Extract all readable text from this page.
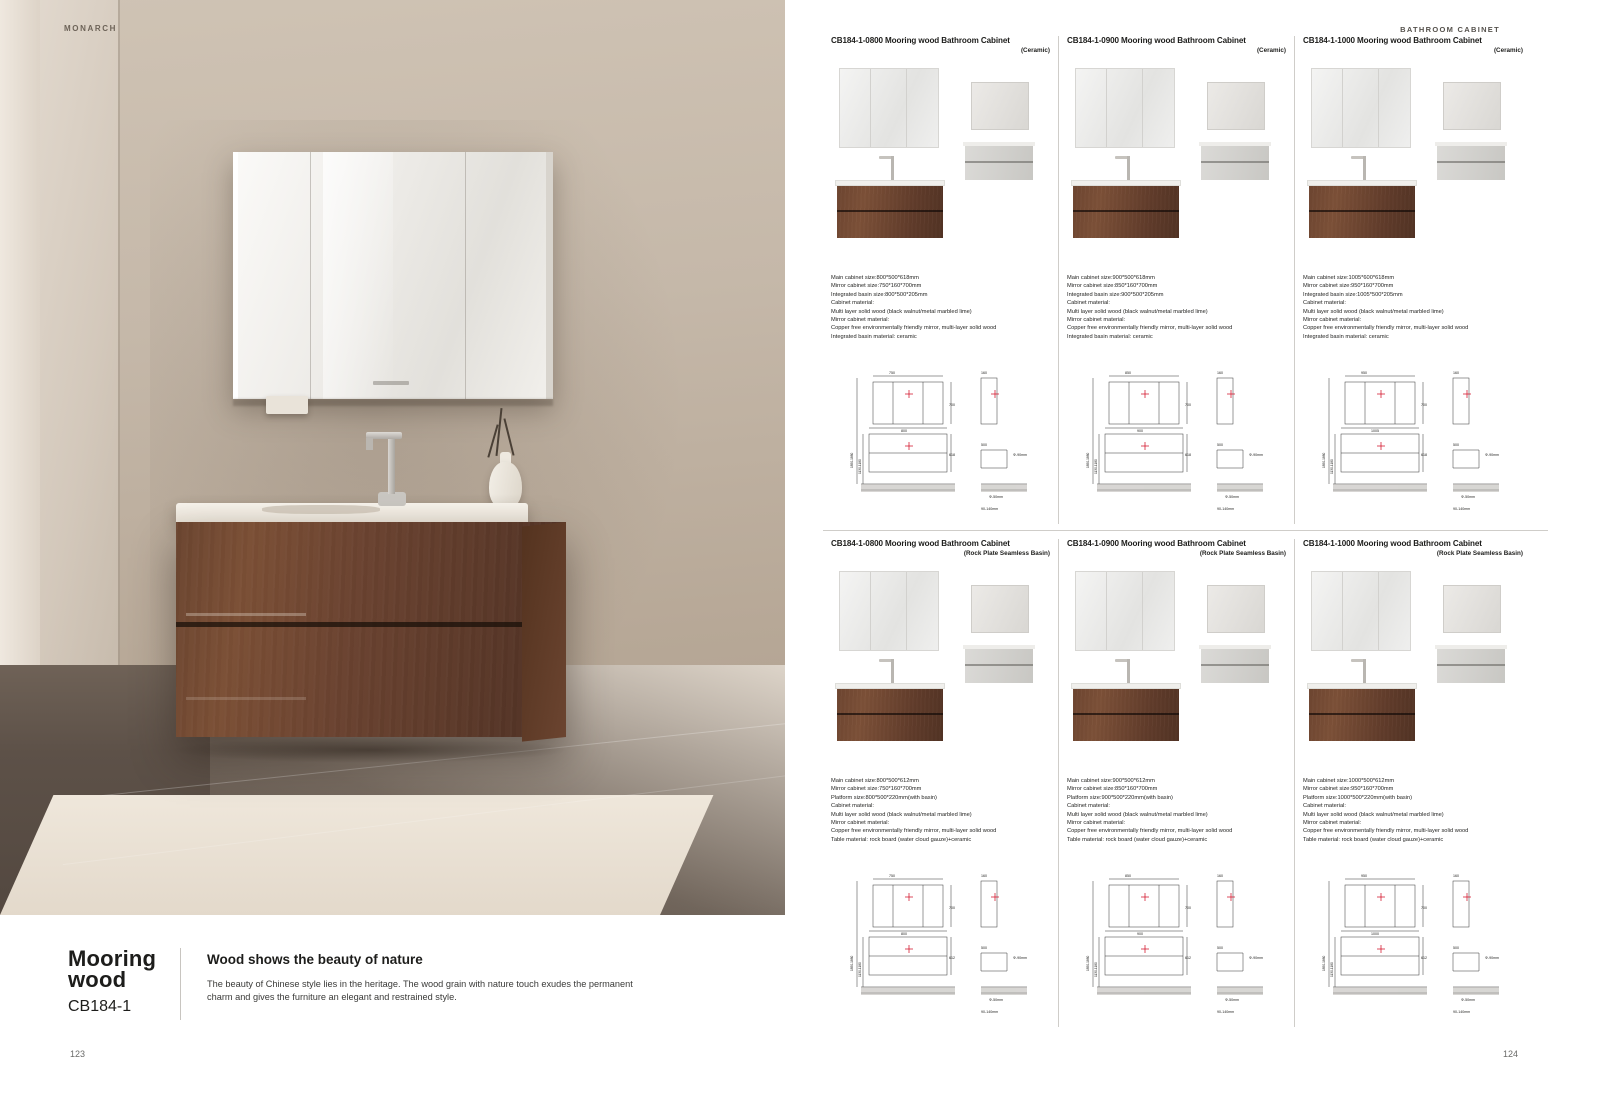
MONARCH
Mooring
wood
CB184-1
Wood shows the beauty of nature
The beauty of Chinese style lies in the heritage. The wood grain with nature touch exudes the permanent charm and gives the furniture an elegant and restrained style.
123
BATHROOM CABINET
CB184-1-0800 Mooring wood Bathroom Cabinet
(Ceramic)
Main cabinet size:800*500*618mm
Mirror cabinet size:750*160*700mm
Integrated basin size:800*500*205mm
Cabinet material:
Multi layer solid wood (black walnut/metal marbled lime)
Mirror cabinet material:
Copper free environmentally friendly mirror, multi-layer solid wood
Integrated basin material: ceramic
750	160
800
500
700
618	Φ-90mm
Φ-50mm
90-140mm
1850-1880 1130-1180
CB184-1-0900 Mooring wood Bathroom Cabinet
(Ceramic)
Main cabinet size:900*500*618mm
Mirror cabinet size:850*160*700mm
Integrated basin size:900*500*205mm
Cabinet material:
Multi layer solid wood (black walnut/metal marbled lime)
Mirror cabinet material:
Copper free environmentally friendly mirror, multi-layer solid wood
Integrated basin material: ceramic
850	160
900
500
700
618	Φ-90mm
Φ-50mm
90-140mm
1850-1880 1130-1180
CB184-1-1000 Mooring wood Bathroom Cabinet
(Ceramic)
Main cabinet size:1005*600*618mm
Mirror cabinet size:950*160*700mm
Integrated basin size:1005*500*205mm
Cabinet material:
Multi layer solid wood (black walnut/metal marbled lime)
Mirror cabinet material:
Copper free environmentally friendly mirror, multi-layer solid wood
Integrated basin material: ceramic
950	160
1005
500
700
618	Φ-90mm
Φ-50mm
90-140mm
1850-1880 1130-1180
CB184-1-0800 Mooring wood Bathroom Cabinet
(Rock Plate Seamless Basin)
Main cabinet size:800*500*612mm
Mirror cabinet size:750*160*700mm
Platform size:800*500*220mm(with basin)
Cabinet material:
Multi layer solid wood (black walnut/metal marbled lime)
Mirror cabinet material:
Copper free environmentally friendly mirror, multi-layer solid wood
Table material: rock board (water cloud gauze)+ceramic
750	160
800
500
700
612	Φ-90mm
Φ-50mm
90-140mm
1850-1880 1130-1180
CB184-1-0900 Mooring wood Bathroom Cabinet
(Rock Plate Seamless Basin)
Main cabinet size:900*500*612mm
Mirror cabinet size:850*160*700mm
Platform size:900*500*220mm(with basin)
Cabinet material:
Multi layer solid wood (black walnut/metal marbled lime)
Mirror cabinet material:
Copper free environmentally friendly mirror, multi-layer solid wood
Table material: rock board (water cloud gauze)+ceramic
850	160
900
500
700
612	Φ-90mm
Φ-50mm
90-140mm
1850-1880 1130-1180
CB184-1-1000 Mooring wood Bathroom Cabinet
(Rock Plate Seamless Basin)
Main cabinet size:1000*500*612mm
Mirror cabinet size:950*160*700mm
Platform size:1000*500*220mm(with basin)
Cabinet material:
Multi layer solid wood (black walnut/metal marbled lime)
Mirror cabinet material:
Copper free environmentally friendly mirror, multi-layer solid wood
Table material: rock board (water cloud gauze)+ceramic
950	160
1000
500
700
612	Φ-90mm
Φ-50mm
90-140mm
1850-1880 1130-1180
124
